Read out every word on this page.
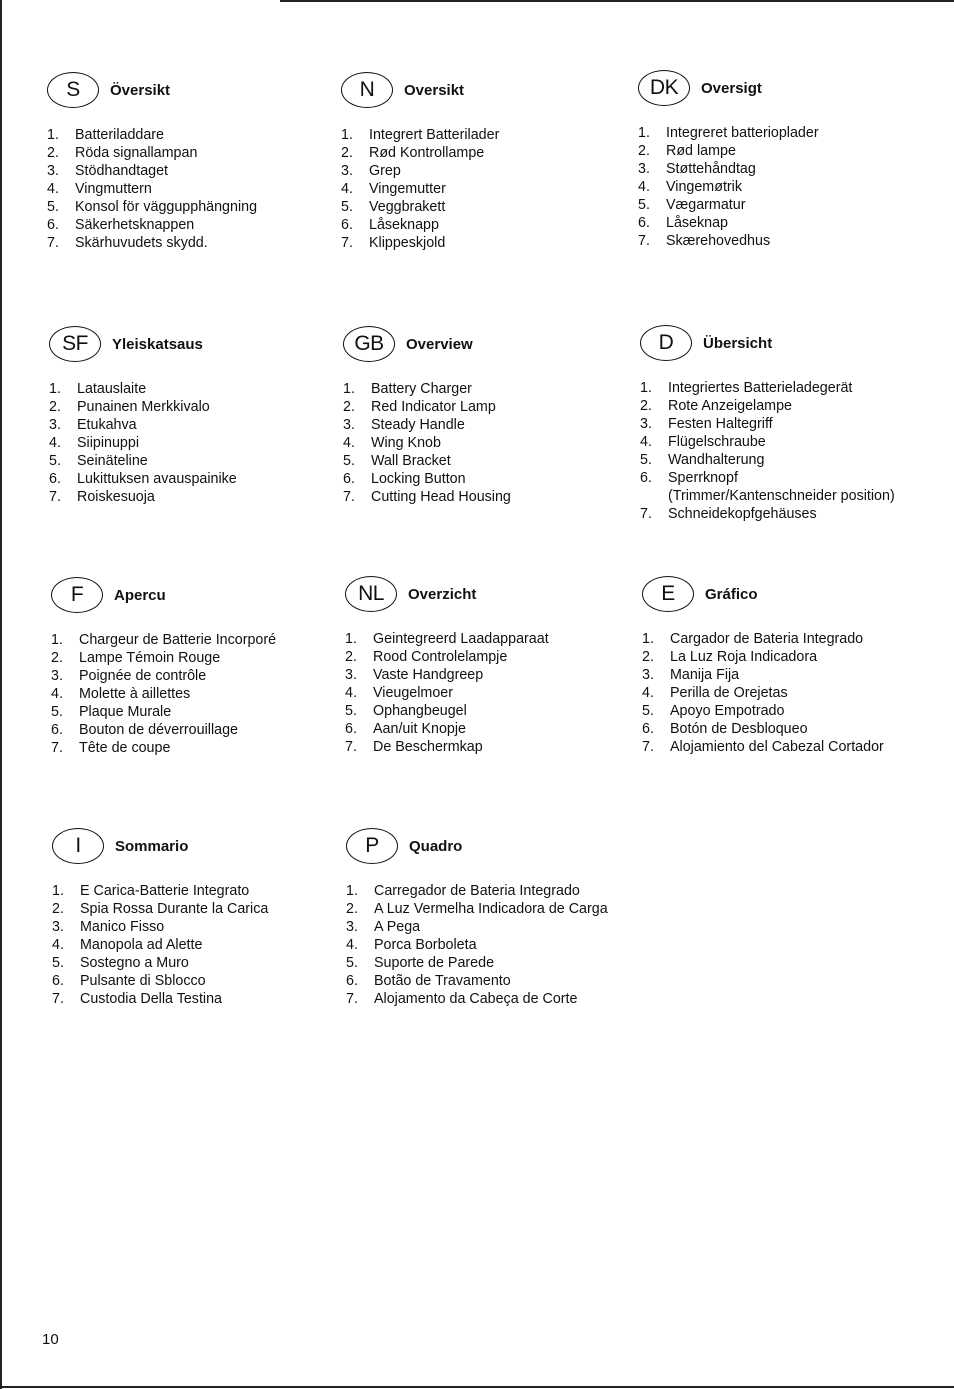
S	Översikt
1. Batteriladdare
2. Röda signallampan
3. Stödhandtaget
4. Vingmuttern
5. Konsol för väggupphängning
6. Säkerhetsknappen
7. Skärhuvudets skydd.
N	Oversikt
1. Integrert Batterilader
2. Rød Kontrollampe
3. Grep
4. Vingemutter
5. Veggbrakett
6. Låseknapp
7. Klippeskjold
DK	Oversigt
1. Integreret batterioplader
2. Rød lampe
3. Støttehåndtag
4. Vingemøtrik
5. Vægarmatur
6. Låseknap
7. Skærehovedhus
SF	Yleiskatsaus
1. Latauslaite
2. Punainen Merkkivalo
3. Etukahva
4. Siipinuppi
5. Seinäteline
6. Lukittuksen avauspainike
7. Roiskesuoja
GB	Overview
1. Battery Charger
2. Red Indicator Lamp
3. Steady Handle
4. Wing Knob
5. Wall Bracket
6. Locking Button
7. Cutting Head Housing
D	Übersicht
1. Integriertes Batterieladegerät
2. Rote Anzeigelampe
3. Festen Haltegriff
4. Flügelschraube
5. Wandhalterung
6. Sperrknopf
(Trimmer/Kantenschneider position)
7. Schneidekopfgehäuses
F	Apercu
1. Chargeur de Batterie Incorporé
2. Lampe Témoin Rouge
3. Poignée de contrôle
4. Molette à aillettes
5. Plaque Murale
6. Bouton de déverrouillage
7. Tête de coupe
NL	Overzicht
1. Geintegreerd Laadapparaat
2. Rood Controlelampje
3. Vaste Handgreep
4. Vieugelmoer
5. Ophangbeugel
6. Aan/uit Knopje
7. De Beschermkap
E	Gráfico
1. Cargador de Bateria Integrado
2. La Luz Roja Indicadora
3. Manija Fija
4. Perilla de Orejetas
5. Apoyo Empotrado
6. Botón de Desbloqueo
7. Alojamiento del Cabezal Cortador
I	Sommario
1. E Carica-Batterie Integrato
2. Spia Rossa Durante la Carica
3. Manico Fisso
4. Manopola ad Alette
5. Sostegno a Muro
6. Pulsante di Sblocco
7. Custodia Della Testina
P	Quadro
1. Carregador de Bateria Integrado
2. A Luz Vermelha Indicadora de Carga
3. A Pega
4. Porca Borboleta
5. Suporte de Parede
6. Botão de Travamento
7. Alojamento da Cabeça de Corte
10
